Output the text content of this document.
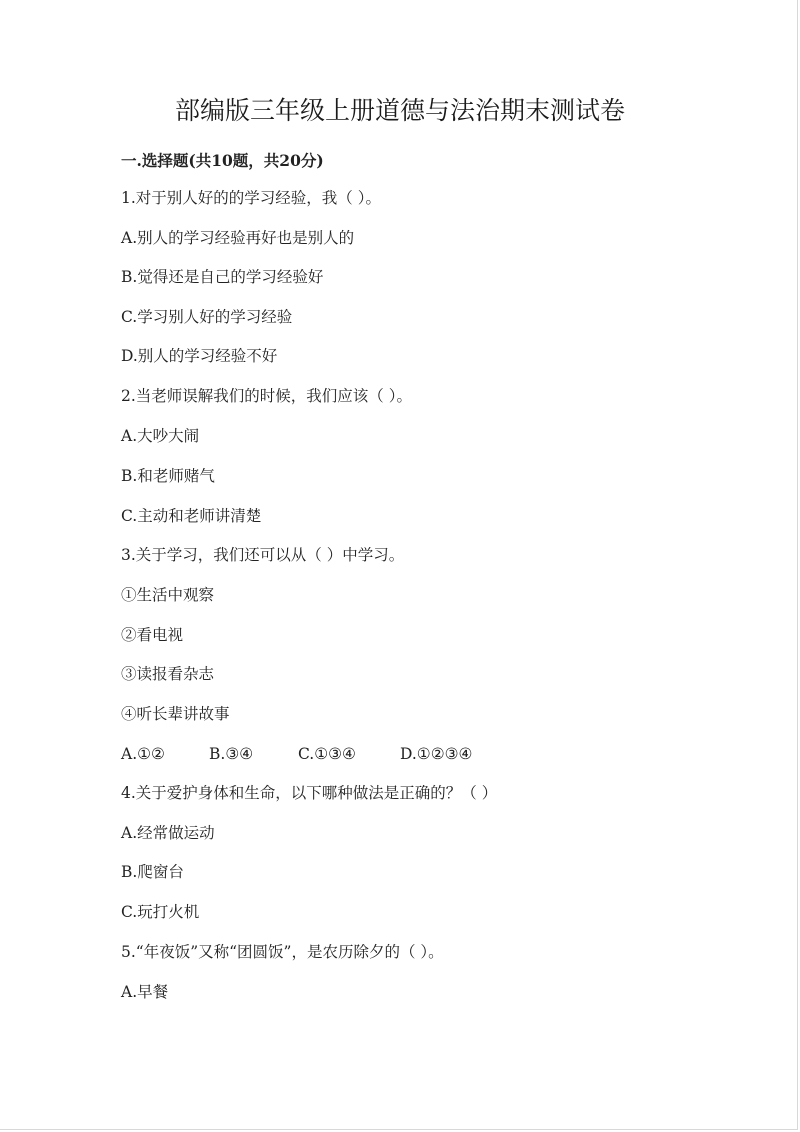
部编版三年级上册道德与法治期末测试卷
一.选择题(共10题，共20分)
1.对于别人好的的学习经验，我（ ）。
A.别人的学习经验再好也是别人的
B.觉得还是自己的学习经验好
C.学习别人好的学习经验
D.别人的学习经验不好
2.当老师误解我们的时候，我们应该（ ）。
A.大吵大闹
B.和老师赌气
C.主动和老师讲清楚
3.关于学习，我们还可以从（ ）中学习。
①生活中观察
②看电视
③读报看杂志
④听长辈讲故事
A.①②	B.③④	C.①③④	D.①②③④
4.关于爱护身体和生命，以下哪种做法是正确的？（ ）
A.经常做运动
B.爬窗台
C.玩打火机
5.“年夜饭”又称“团圆饭”，是农历除夕的（ ）。
A.早餐
